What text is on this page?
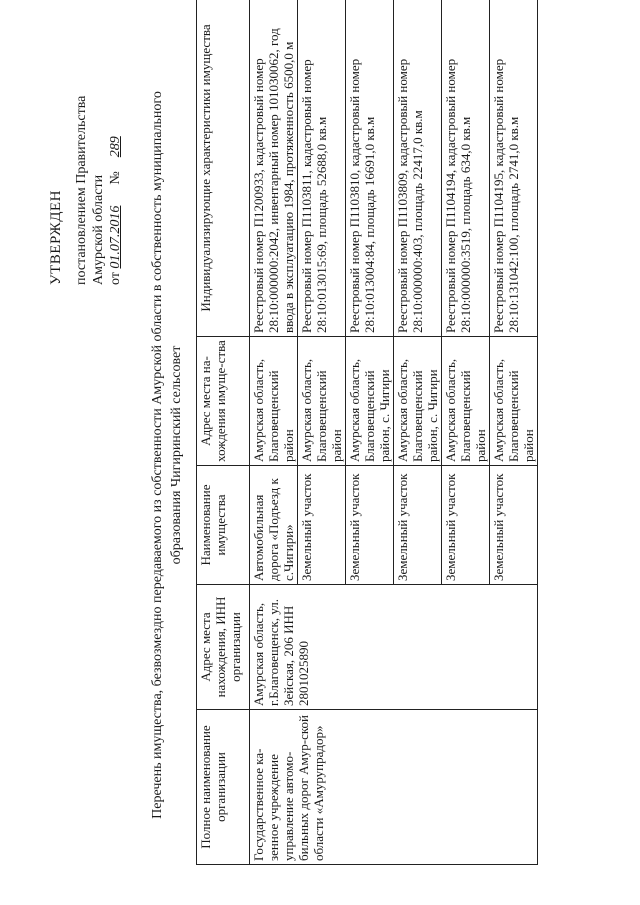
УТВЕРЖДЕН постановлением Правительства Амурской области от 01.07.2016      №    289 Перечень имущества, безвозмездно передаваемого из собственности Амурской области в собственность муниципального образования Чигиринский сельсовет
Полное наименование организации	Адрес места нахождения, ИНН организации	Наименование имущества	Адрес места на-хождения имуще-ства	Индивидуализирующие характеристики имущества
Государственное ка-зенное учреждение управление автомо-бильных дорог Амур-ской области «Амурупрадор»	Амурская область, г.Благовещенск, ул. Зейская, 206 ИНН 2801025890	Автомобильная дорога «Подъезд к с.Чигири»	Амурская область, Благовещенский район	Реестровый номер П1200933, кадастровый номер 28:10:000000:2042, инвентарный номер 101030062, год ввода в эксплуатацию 1984, протяженность 6500,0 м
		Земельный участок	Амурская область, Благовещенский район	Реестровый номер П1103811, кадастровый номер 28:10:013015:69, площадь 52688,0 кв.м
		Земельный участок	Амурская область, Благовещенский район, с. Чигири	Реестровый номер П1103810, кадастровый номер 28:10:013004:84, площадь 16691,0 кв.м
		Земельный участок	Амурская область, Благовещенский район, с. Чигири	Реестровый номер П1103809, кадастровый номер 28:10:000000:403, площадь 22417,0 кв.м
		Земельный участок	Амурская область, Благовещенский район	Реестровый номер П1104194, кадастровый номер 28:10:000000:3519, площадь 634,0 кв.м
		Земельный участок	Амурская область, Благовещенский район	Реестровый номер П1104195, кадастровый номер 28:10:131042:100, площадь 2741,0 кв.м
